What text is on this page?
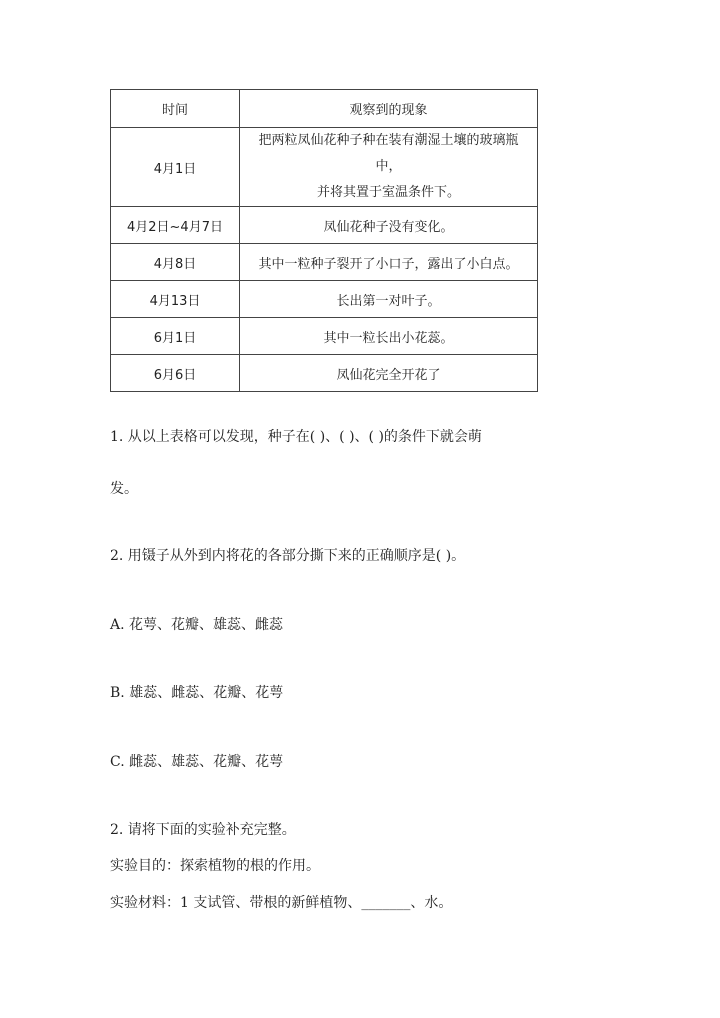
时间	观察到的现象
4月1日	把两粒凤仙花种子种在装有潮湿土壤的玻璃瓶中，
并将其置于室温条件下。

4月2日~4月7日	凤仙花种子没有变化。
4月8日	其中一粒种子裂开了小口子，露出了小白点。
4月13日	长出第一对叶子。
6月1日	其中一粒长出小花蕊。
6月6日	凤仙花完全开花了
1. 从以上表格可以发现，种子在( )、( )、( )的条件下就会萌
发。
2. 用镊子从外到内将花的各部分撕下来的正确顺序是( )。
A. 花萼、花瓣、雄蕊、雌蕊
B. 雄蕊、雌蕊、花瓣、花萼
C. 雌蕊、雄蕊、花瓣、花萼
2. 请将下面的实验补充完整。
实验目的：探索植物的根的作用。
实验材料：1 支试管、带根的新鲜植物、_______、水。
